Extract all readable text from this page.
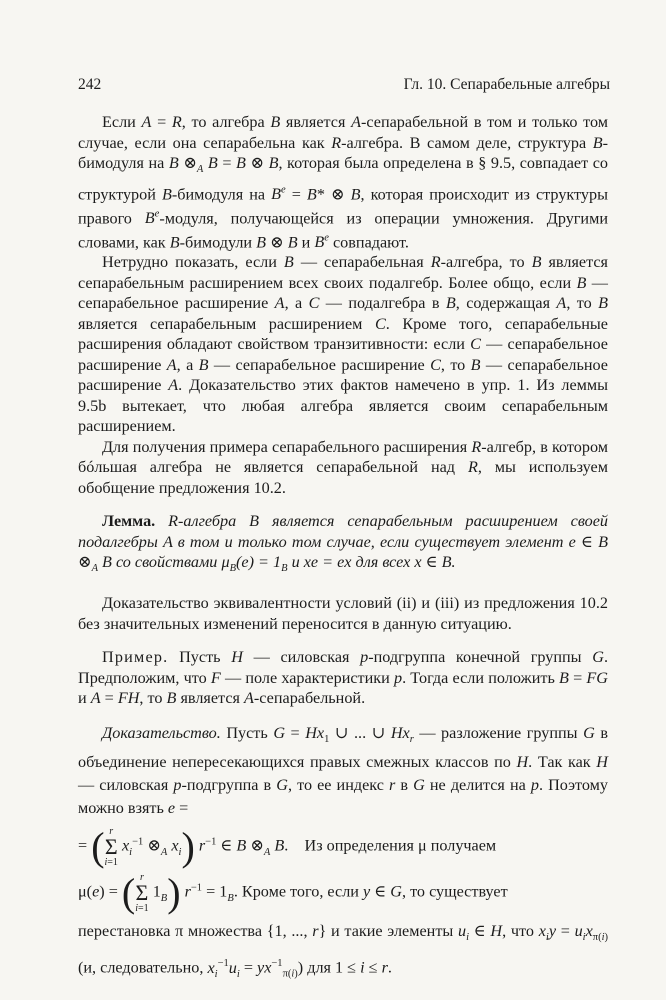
242	Гл. 10. Сепарабельные алгебры

Если A = R, то алгебра B является A-сепарабельной в том и только том случае, если она сепарабельна как R-алгебра. В самом деле, структура B-бимодуля на B $\otimes_A$ B = B ⊗ B, которая была определена в § 9.5, совпадает со структурой B-бимодуля на $B^e = B*$ ⊗ B, которая происходит из структуры правого $B^e$-модуля, получающейся из операции умножения. Другими словами, как B-бимодули B ⊗ B и $B^e$ совпадают.

Нетрудно показать, если B — сепарабельная R-алгебра, то B является сепарабельным расширением всех своих подалгебр. Более общо, если B — сепарабельное расширение A, а C — подалгебра в B, содержащая A, то B является сепарабельным расширением C. Кроме того, сепарабельные расширения обладают свойством транзитивности: если C — сепарабельное расширение A, а B — сепарабельное расширение C, то B — сепарабельное расширение A. Доказательство этих фактов намечено в упр. 1. Из леммы 9.5b вытекает, что любая алгебра является своим сепарабельным расширением.

Для получения примера сепарабельного расширения R-алгебр, в котором бóльшая алгебра не является сепарабельной над R, мы используем обобщение предложения 10.2.

Лемма. R-алгебра B является сепарабельным расширением своей подалгебры A в том и только том случае, если существует элемент e ∈ B $\otimes_A$ B со свойствами $\mu_B(e) = 1_B$ и xe = ex для всех x ∈ B.

Доказательство эквивалентности условий (ii) и (iii) из предложения 10.2 без значительных изменений переносится в данную ситуацию.

Пример. Пусть H — силовская p-подгруппа конечной группы G. Предположим, что F — поле характеристики p. Тогда если положить B = FG и A = FH, то B является A-сепарабельной.

Доказательство. Пусть $G = Hx_1$ ∪ ... ∪ $Hx_r$ — разложение группы G в объединение непересекающихся правых смежных классов по H. Так как H — силовская p-подгруппа в G, то ее индекс r в G не делится на p. Поэтому можно взять e =

= ( r
Σ
i=1
$x_i^{-1}$ $\otimes_A$ $x_i$) $r^{-1}$ ∈ B $\otimes_A$ B.    Из определения μ получаем

μ(e) = ( r
Σ
i=1
$1_B$) $r^{-1} = 1_B$. Кроме того, если y ∈ G, то существует

перестановка π множества {1, ..., r} и такие элементы $u_i$ ∈ H, что $x_iy = u_ix_{\pi(i)}$ (и, следовательно, $x_i^{-1}u_i = yx^{-1}_{\pi(i)}$) для 1 ≤ i ≤ r.
